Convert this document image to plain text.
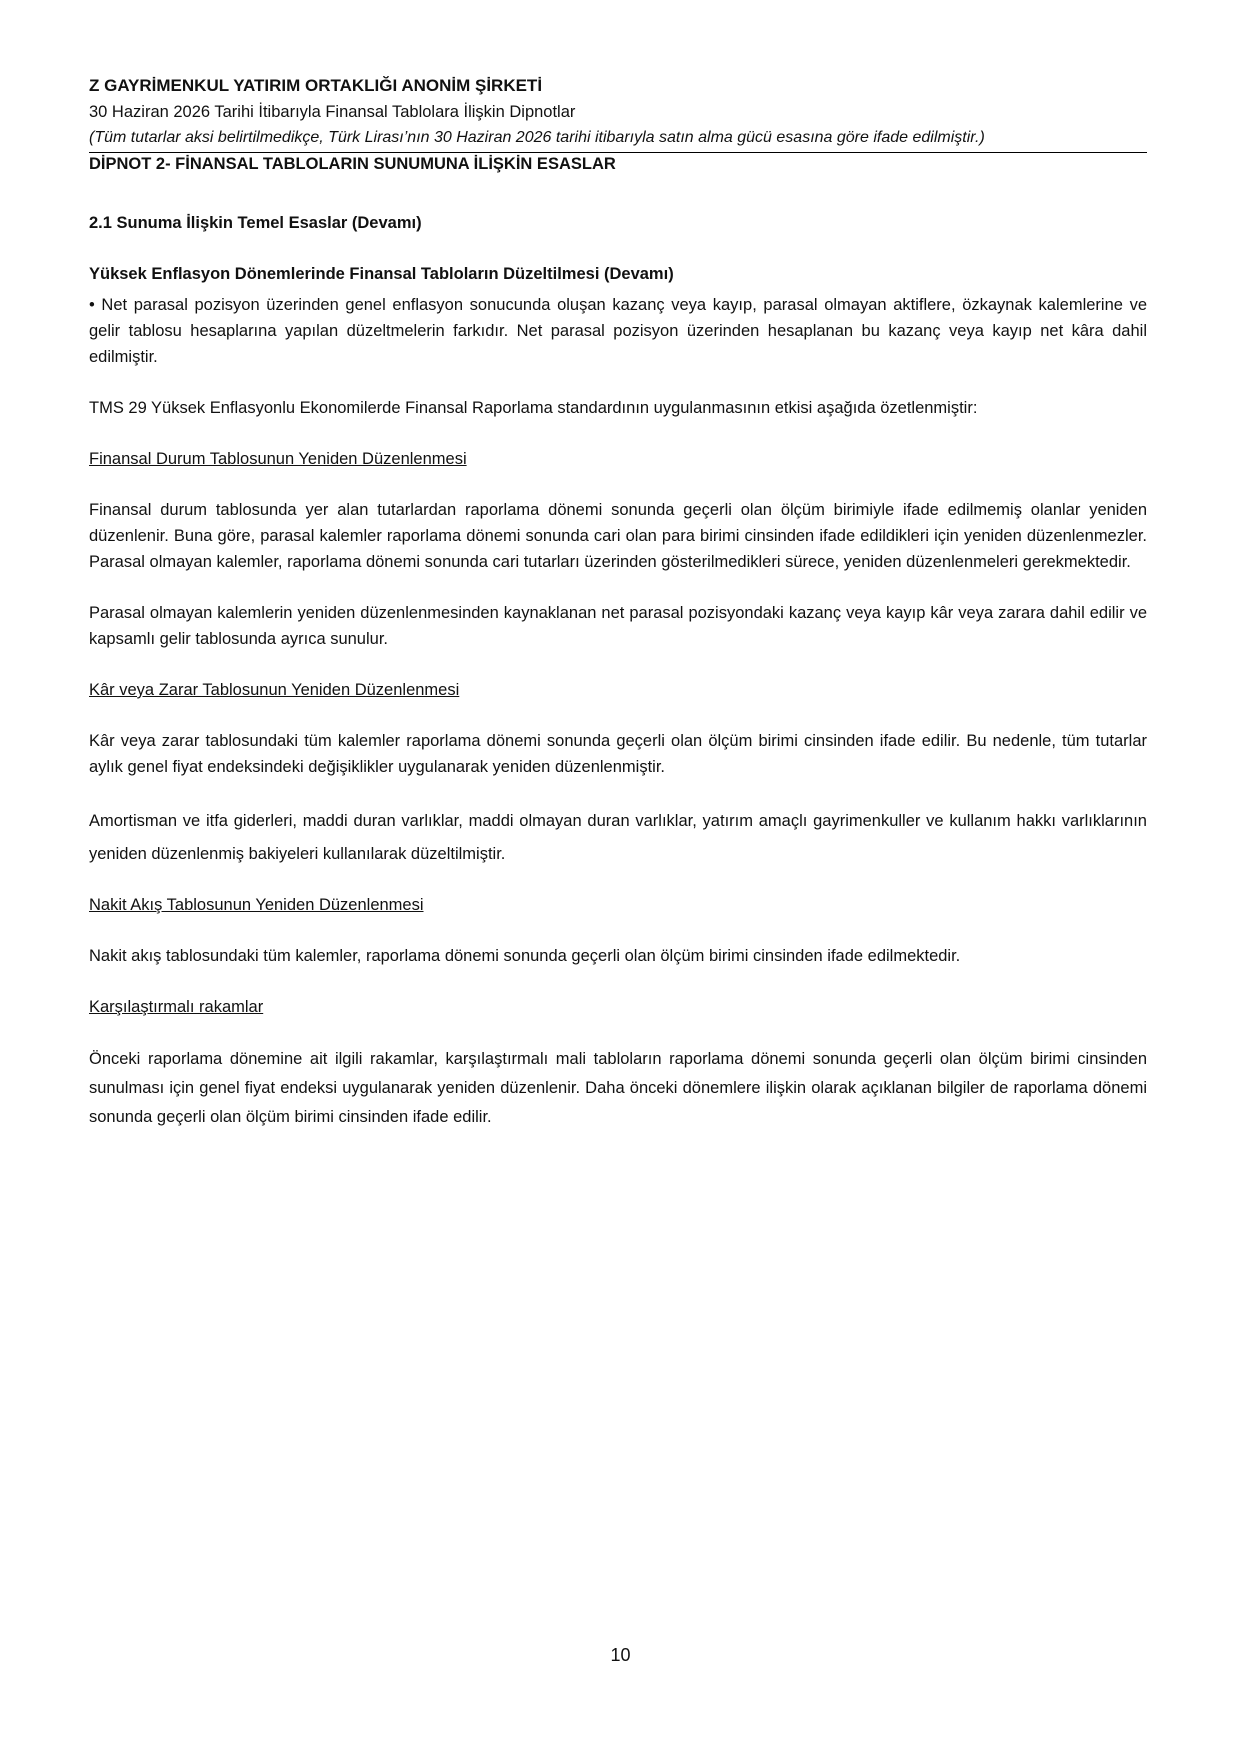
Z GAYRİMENKUL YATIRIM ORTAKLIĞI ANONİM ŞİRKETİ
30 Haziran 2026 Tarihi İtibarıyla Finansal Tablolara İlişkin Dipnotlar
(Tüm tutarlar aksi belirtilmedikçe, Türk Lirası’nın 30 Haziran 2026 tarihi itibarıyla satın alma gücü esasına göre ifade edilmiştir.)
DİPNOT 2- FİNANSAL TABLOLARIN SUNUMUNA İLİŞKİN ESASLAR

2.1 Sunuma İlişkin Temel Esaslar (Devamı)

Yüksek Enflasyon Dönemlerinde Finansal Tabloların Düzeltilmesi (Devamı)

• Net parasal pozisyon üzerinden genel enflasyon sonucunda oluşan kazanç veya kayıp, parasal olmayan aktiflere, özkaynak kalemlerine ve gelir tablosu hesaplarına yapılan düzeltmelerin farkıdır. Net parasal pozisyon üzerinden hesaplanan bu kazanç veya kayıp net kâra dahil edilmiştir.

TMS 29 Yüksek Enflasyonlu Ekonomilerde Finansal Raporlama standardının uygulanmasının etkisi aşağıda özetlenmiştir:

Finansal Durum Tablosunun Yeniden Düzenlenmesi

Finansal durum tablosunda yer alan tutarlardan raporlama dönemi sonunda geçerli olan ölçüm birimiyle ifade edilmemiş olanlar yeniden düzenlenir. Buna göre, parasal kalemler raporlama dönemi sonunda cari olan para birimi cinsinden ifade edildikleri için yeniden düzenlenmezler. Parasal olmayan kalemler, raporlama dönemi sonunda cari tutarları üzerinden gösterilmedikleri sürece, yeniden düzenlenmeleri gerekmektedir.

Parasal olmayan kalemlerin yeniden düzenlenmesinden kaynaklanan net parasal pozisyondaki kazanç veya kayıp kâr veya zarara dahil edilir ve kapsamlı gelir tablosunda ayrıca sunulur.

Kâr veya Zarar Tablosunun Yeniden Düzenlenmesi

Kâr veya zarar tablosundaki tüm kalemler raporlama dönemi sonunda geçerli olan ölçüm birimi cinsinden ifade edilir. Bu nedenle, tüm tutarlar aylık genel fiyat endeksindeki değişiklikler uygulanarak yeniden düzenlenmiştir.

Amortisman ve itfa giderleri, maddi duran varlıklar, maddi olmayan duran varlıklar, yatırım amaçlı gayrimenkuller ve kullanım hakkı varlıklarının yeniden düzenlenmiş bakiyeleri kullanılarak düzeltilmiştir.

Nakit Akış Tablosunun Yeniden Düzenlenmesi

Nakit akış tablosundaki tüm kalemler, raporlama dönemi sonunda geçerli olan ölçüm birimi cinsinden ifade edilmektedir.

Karşılaştırmalı rakamlar

Önceki raporlama dönemine ait ilgili rakamlar, karşılaştırmalı mali tabloların raporlama dönemi sonunda geçerli olan ölçüm birimi cinsinden sunulması için genel fiyat endeksi uygulanarak yeniden düzenlenir. Daha önceki dönemlere ilişkin olarak açıklanan bilgiler de raporlama dönemi sonunda geçerli olan ölçüm birimi cinsinden ifade edilir.

10
